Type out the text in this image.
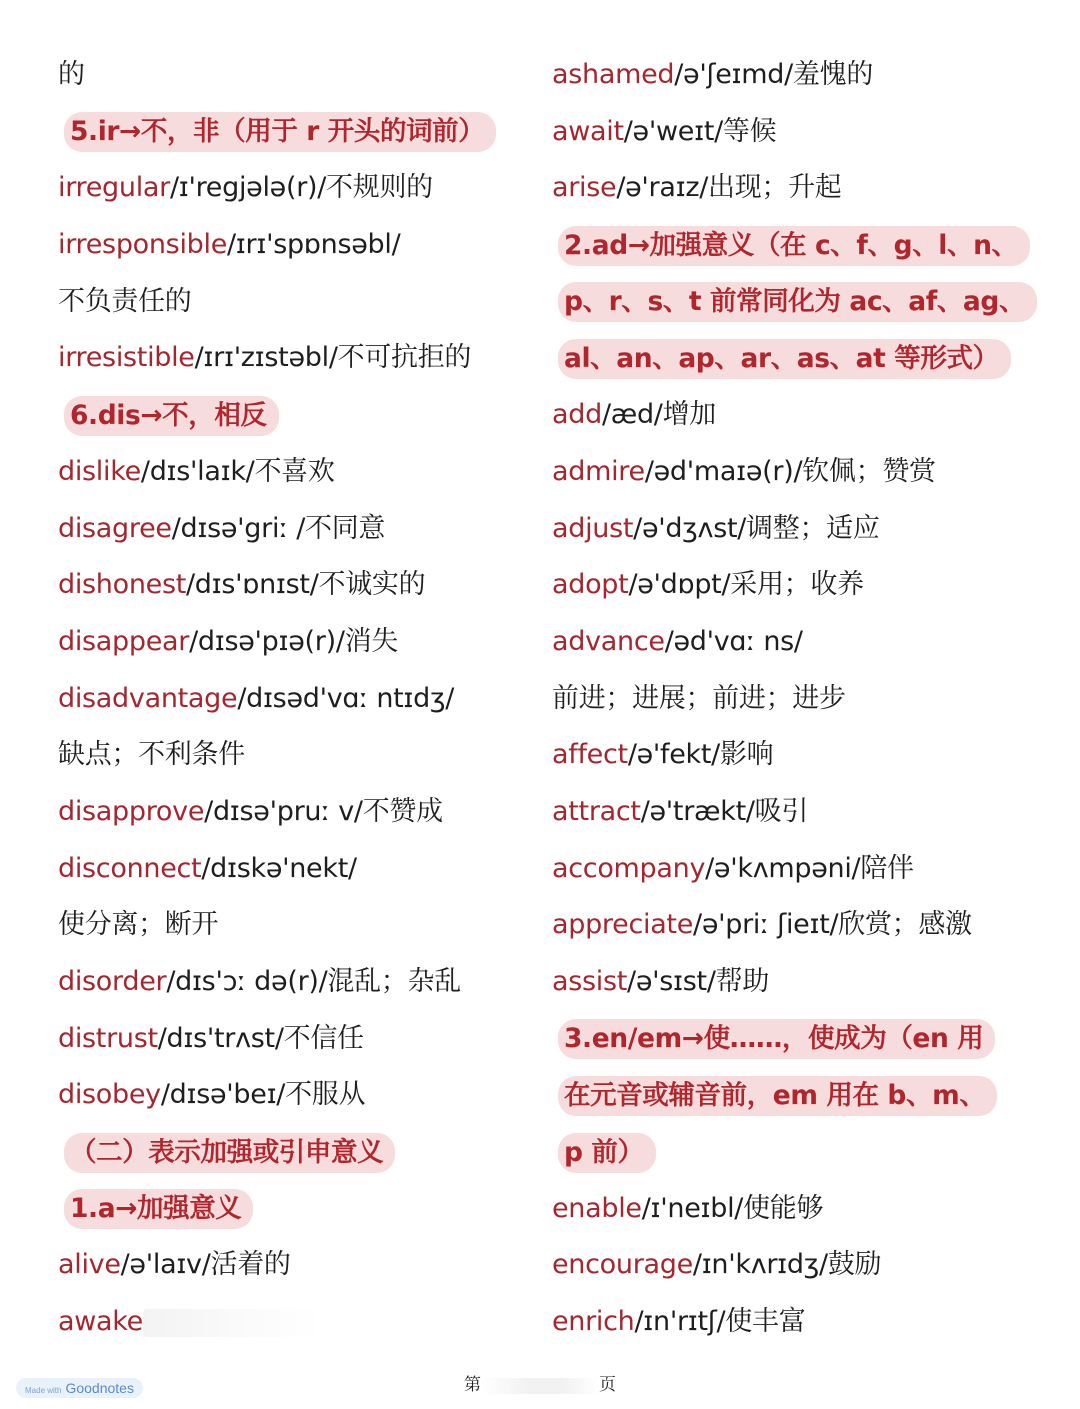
的
5.ir→不，非（用于 r 开头的词前）
irregular/ɪ'regjələ(r)/不规则的
irresponsible/ɪrɪ'spɒnsəbl/
不负责任的
irresistible/ɪrɪ'zɪstəbl/不可抗拒的
6.dis→不，相反
dislike/dɪs'laɪk/不喜欢
disagree/dɪsə'griː /不同意
dishonest/dɪs'ɒnɪst/不诚实的
disappear/dɪsə'pɪə(r)/消失
disadvantage/dɪsəd'vɑː ntɪdʒ/
缺点；不利条件
disapprove/dɪsə'pruː v/不赞成
disconnect/dɪskə'nekt/
使分离；断开
disorder/dɪs'ɔː də(r)/混乱；杂乱
distrust/dɪs'trʌst/不信任
disobey/dɪsə'beɪ/不服从
（二）表示加强或引申意义
1.a→加强意义
alive/ə'laɪv/活着的
awake
ashamed/ə'ʃeɪmd/羞愧的
await/ə'weɪt/等候
arise/ə'raɪz/出现；升起
2.ad→加强意义（在 c、f、g、l、n、
p、r、s、t 前常同化为 ac、af、ag、
al、an、ap、ar、as、at 等形式）
add/æd/增加
admire/əd'maɪə(r)/钦佩；赞赏
adjust/ə'dʒʌst/调整；适应
adopt/ə'dɒpt/采用；收养
advance/əd'vɑː ns/
前进；进展；前进；进步
affect/ə'fekt/影响
attract/ə'trækt/吸引
accompany/ə'kʌmpəni/陪伴
appreciate/ə'priː ʃieɪt/欣赏；感激
assist/ə'sɪst/帮助
3.en/em→使……，使成为（en 用
在元音或辅音前，em 用在 b、m、
p 前）
enable/ɪ'neɪbl/使能够
encourage/ɪn'kʌrɪdʒ/鼓励
enrich/ɪn'rɪtʃ/使丰富
第	页
Made with Goodnotes
